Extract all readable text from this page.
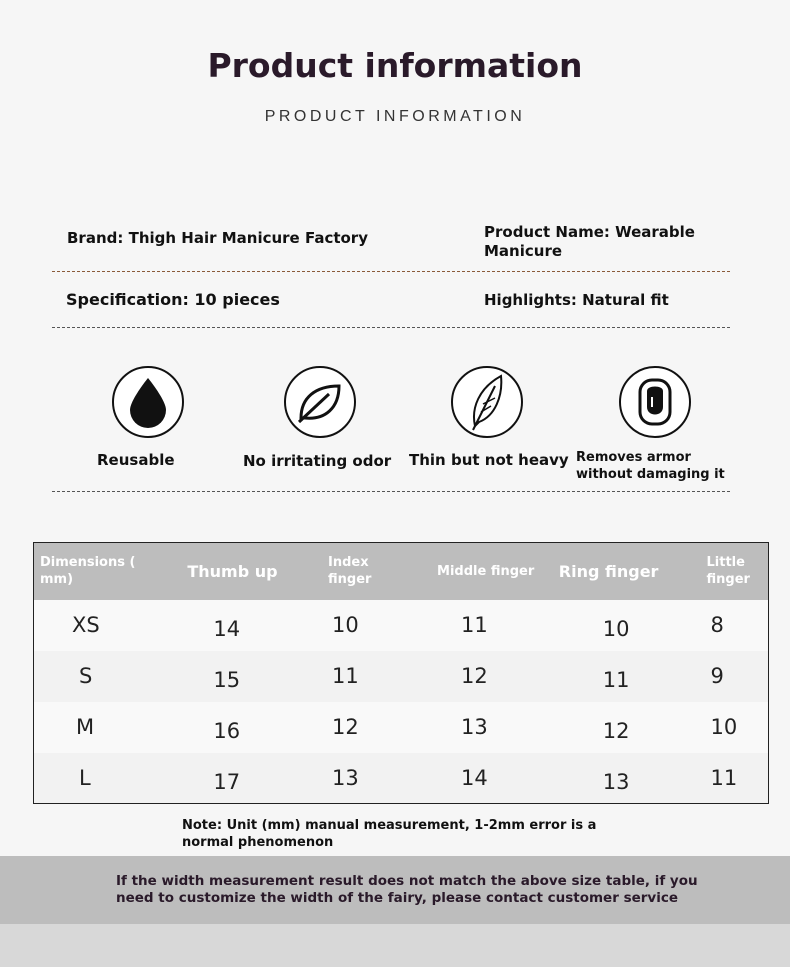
Product information
PRODUCT INFORMATION
Brand: Thigh Hair Manicure Factory	Product Name: Wearable Manicure
Specification: 10 pieces	Highlights: Natural fit
Reusable	No irritating odor Thin but not heavy Removes armor without damaging it
Dimensions ( mm)	Thumb up	Index finger	Middle finger	Ring finger	Little finger
XS	14	10	11	10	8
S	15	11	12	11	9
M	16	12	13	12	10
L	17	13	14	13	11
Note: Unit (mm) manual measurement, 1-2mm error is a normal phenomenon
If the width measurement result does not match the above size table, if you need to customize the width of the fairy, please contact customer service
